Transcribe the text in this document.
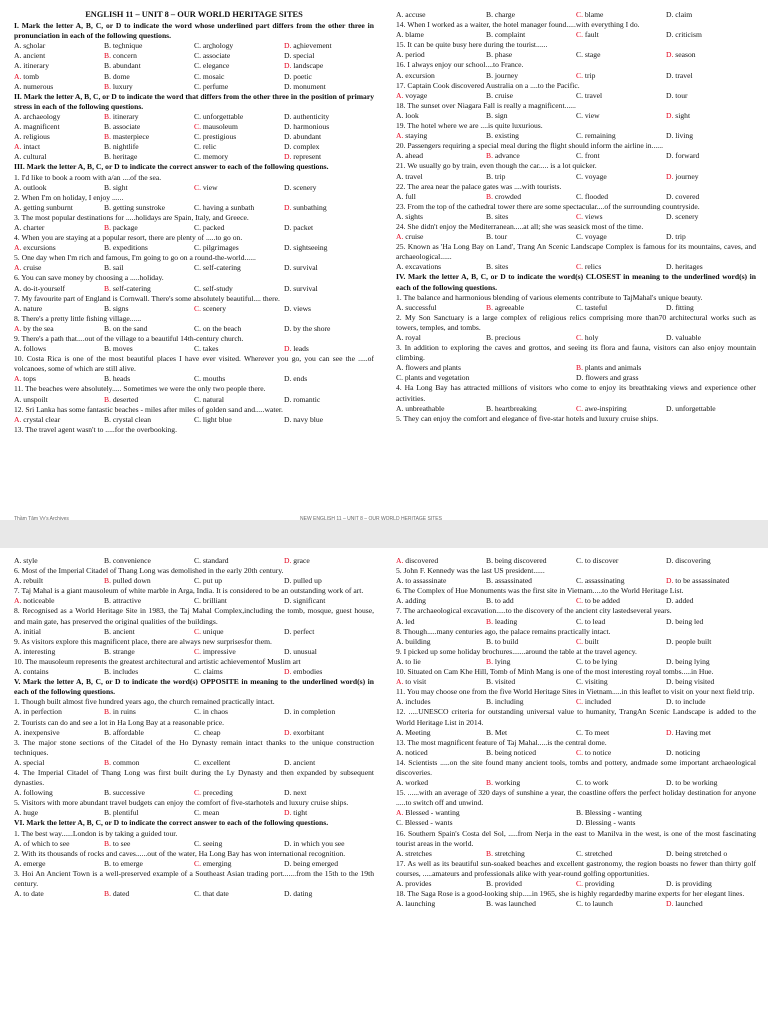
ENGLISH 11 – UNIT 8 – OUR WORLD HERITAGE SITES
I. Mark the letter A, B, C, or D to indicate the word whose underlined part differs from the other three in pronunciation in each of the following questions.
A. sc̲holar	B. tec̲hnique	C. arc̲hology	D. ac̲hievement
A. ancient	B. concern	C. associate	D. special
A. itinerary	B. abundant	C. elegance	D. landscape
A. tomb	B. dome	C. mosaic	D. poetic
A. numerous	B. luxury	C. perfume	D. monument
II. Mark the letter A, B, C, or D to indicate the word that differs from the other three in the position of primary stress in each of the following questions.
A. archaeology	B. itinerary	C. unforgettable	D. authenticity
A. magnificent	B. associate	C. mausoleum	D. harmonious
A. religious	B. masterpiece	C. prestigious	D. abundant
A. intact	B. nightlife	C. relic	D. complex
A. cultural	B. heritage	C. memory	D. represent
III. Mark the letter A, B, C, or D to indicate the correct answer to each of the following questions.
1. I'd like to book a room with a/an ....of the sea.
A. outlook	B. sight	C. view	D. scenery
2. When I'm on holiday, I enjoy ......
A. getting sunburnt	B. getting sunstroke	C. having a sunbath	D. sunbathing
3. The most popular destinations for .....holidays are Spain, Italy, and Greece.
A. charter	B. package	C. packed	D. packet
4. When you are staying at a popular resort, there are plenty of .....to go on.
A. excursions	B. expeditions	C. pilgrimages	D. sightseeing
5. One day when I'm rich and famous, I'm going to go on a round-the-world......
A. cruise	B. sail	C. self-catering	D. survival
6. You can save money by choosing a .....holiday.
A. do-it-yourself	B. self-catering	C. self-study	D. survival
7. My favourite part of England is Cornwall. There's some absolutely beautiful.... there.
A. nature	B. signs	C. scenery	D. views
8. There's a pretty little fishing village......
A. by the sea	B. on the sand	C. on the beach	D. by the shore
9. There's a path that....out of the village to a beautiful 14th-century church.
A. follows	B. moves	C. takes	D. leads
10. Costa Rica is one of the most beautiful places I have ever visited. Wherever you go, you can see the .....of volcanoes, some of which are still alive.
A. tops	B. heads	C. mouths	D. ends
11. The beaches were absolutely..... Sometimes we were the only two people there.
A. unspoilt	B. deserted	C. natural	D. romantic
12. Sri Lanka has some fantastic beaches - miles after miles of golden sand and.....water.
A. crystal clear	B. crystal clean	C. light blue	D. navy blue
13. The travel agent wasn't to .....for the overbooking.
A. accuse	B. charge	C. blame	D. claim
14. When I worked as a waiter, the hotel manager found.....with everything I do.
A. blame	B. complaint	C. fault	D. criticism
15. It can be quite busy here during the tourist......
A. period	B. phase	C. stage	D. season
16. I always enjoy our school....to France.
A. excursion	B. journey	C. trip	D. travel
17. Captain Cook discovered Australia on a ....to the Pacific.
A. voyage	B. cruise	C. travel	D. tour
18. The sunset over Niagara Fall is really a magnificent......
A. look	B. sign	C. view	D. sight
19. The hotel where we are ....is quite luxurious.
A. staying	B. existing	C. remaining	D. living
20. Passengers requiring a special meal during the flight should inform the airline in......
A. ahead	B. advance	C. front	D. forward
21. We usually go by train, even though the car..... is a lot quicker.
A. travel	B. trip	C. voyage	D. journey
22. The area near the palace gates was ....with tourists.
A. full	B. crowded	C. flooded	D. covered
23. From the top of the cathedral tower there are some spectacular....of the surrounding countryside.
A. sights	B. sites	C. views	D. scenery
24. She didn't enjoy the Mediterranean.....at all; she was seasick most of the time.
A. cruise	B. tour	C. voyage	D. trip
25. Known as 'Ha Long Bay on Land', Trang An Scenic Landscape Complex is famous for its mountains, caves, and archaeological......
A. excavations	B. sites	C. relics	D. heritages
IV. Mark the letter A, B, C, or D to indicate the word(s) CLOSEST in meaning to the underlined word(s) in each of the following questions.
1. The balance and harmonious blending of various elements contribute to TajMahal's unique beauty.
A. successful	B. agreeable	C. tasteful	D. fitting
2. My Son Sanctuary is a large complex of religious relics comprising more than70 architectural works such as towers, temples, and tombs.
A. royal	B. precious	C. holy	D. valuable
3. In addition to exploring the caves and grottos, and seeing its flora and fauna, visitors can also enjoy mountain climbing.
A. flowers and plants	B. plants and animals
C. plants and vegetation	D. flowers and grass
4. Ha Long Bay has attracted millions of visitors who come to enjoy its breathtaking views and experience other activities.
A. unbreathable	B. heartbreaking	C. awe-inspiring	D. unforgettable
5. They can enjoy the comfort and elegance of five-star hotels and luxury cruise ships.
Thầm Tâm Vy's Archives	NEW ENGLISH 11 – UNIT 8 – OUR WORLD HERITAGE SITES
A. style	B. convenience	C. standard	D. grace
6. Most of the Imperial Citadel of Thang Long was demolished in the early 20th century.
A. rebuilt	B. pulled down	C. put up	D. pulled up
7. Taj Mahal is a giant mausoleum of white marble in Arga, India. It is considered to be an outstanding work of art.
A. noticeable	B. attractive	C. brilliant	D. significant
8. Recognised as a World Heritage Site in 1983, the Taj Mahal Complex,including the tomb, mosque, guest house, and main gate, has preserved the original qualities of the buildings.
A. initial	B. ancient	C. unique	D. perfect
9. As visitors explore this magnificent place, there are always new surprisesfor them.
A. interesting	B. strange	C. impressive	D. unusual
10. The mausoleum represents the greatest architectural and artistic achievementof Muslim art
A. contains	B. includes	C. claims	D. embodies
V. Mark the letter A, B, C, or D to indicate the word(s) OPPOSITE in meaning to the underlined word(s) in each of the following questions.
1. Though built almost five hundred years ago, the church remained practically intact.
A. in perfection	B. in ruins	C. in chaos	D. in completion
2. Tourists can do and see a lot in Ha Long Bay at a reasonable price.
A. inexpensive	B. affordable	C. cheap	D. exorbitant
3. The major stone sections of the Citadel of the Ho Dynasty remain intact thanks to the unique construction techniques.
A. special	B. common	C. excellent	D. ancient
4. The Imperial Citadel of Thang Long was first built during the Ly Dynasty and then expanded by subsequent dynasties.
A. following	B. successive	C. preceding	D. next
5. Visitors with more abundant travel budgets can enjoy the comfort of five-starhotels and luxury cruise ships.
A. huge	B. plentiful	C. mean	D. tight
VI. Mark the letter A, B, C, or D to indicate the correct answer to each of the following questions.
1. The best way......London is by taking a guided tour.
A. of which to see	B. to see	C. seeing	D. in which you see
2. With its thousands of rocks and caves......out of the water, Ha Long Bay has won international recognition.
A. emerge	B. to emerge	C. emerging	D. being emerged
3. Hoi An Ancient Town is a well-preserved example of a Southeast Asian trading port.......from the 15th to the 19th century.
A. to date	B. dated	C. that date	D. dating
A. discovered	B. being discovered	C. to discover	D. discovering
5. John F. Kennedy was the last US president......
A. to assassinate	B. assassinated	C. assassinating	D. to be assassinated
6. The Complex of Hue Monuments was the first site in Vietnam.....to the World Heritage List.
A. adding	B. to add	C. to be added	D. added
7. The archaeological excavation.....to the discovery of the ancient city lastedseveral years.
A. led	B. leading	C. to lead	D. being led
8. Though.....many centuries ago, the palace remains practically intact.
A. building	B. to build	C. built	D. people built
9. I picked up some holiday brochures.......around the table at the travel agency.
A. to lie	B. lying	C. to be lying	D. being lying
10. Situated on Cam Khe Hill, Tomb of Minh Mang is one of the most interesting royal tombs.....in Hue.
A. to visit	B. visited	C. visiting	D. being visited
11. You may choose one from the five World Heritage Sites in Vietnam.....in this leaflet to visit on your next field trip.
A. includes	B. including	C. included	D. to include
12. .....UNESCO criteria for outstanding universal value to humanity, TrangAn Scenic Landscape is added to the World Heritage List in 2014.
A. Meeting	B. Met	C. To meet	D. Having met
13. The most magnificent feature of Taj Mahal.....is the central dome.
A. noticed	B. being noticed	C. to notice	D. noticing
14. Scientists .....on the site found many ancient tools, tombs and pottery, andmade some important archaeological discoveries.
A. worked	B. working	C. to work	D. to be working
15. ......with an average of 320 days of sunshine a year, the coastline offers the perfect holiday destination for anyone .....to switch off and unwind.
A. Blessed - wanting	B. Blessing - wanting
C. Blessed - wants	D. Blessing - wants
16. Southern Spain's Costa del Sol, .....from Nerja in the east to Manilva in the west, is one of the most fascinating tourist areas in the world.
A. stretches	B. stretching	C. stretched	D. being stretched o
17. As well as its beautiful sun-soaked beaches and excellent gastronomy, the region boasts no fewer than thirty golf courses, .....amateurs and professionals alike with year-round golfing opportunities.
A. provides	B. provided	C. providing	D. is providing
18. The Saga Rose is a good-looking ship.....in 1965, she is highly regardedby marine experts for her elegant lines.
A. launching	B. was launched	C. to launch	D. launched
